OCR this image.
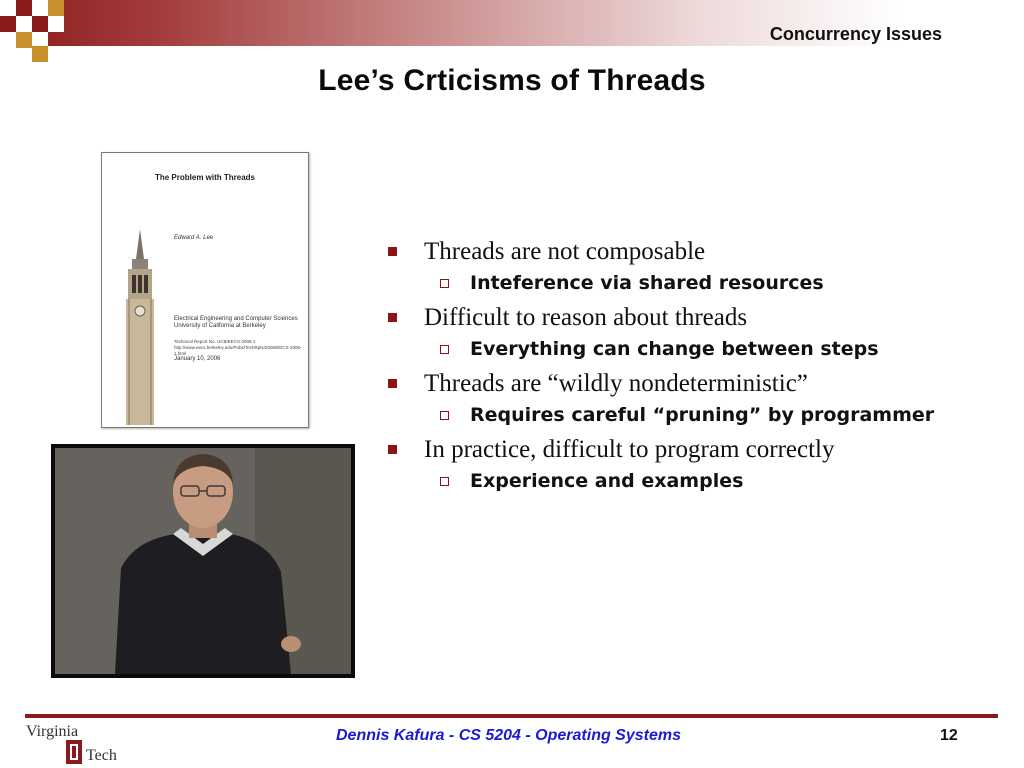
Concurrency Issues
Lee’s Crticisms of Threads
The Problem with Threads
Edward A. Lee
Electrical Engineering and Computer Sciences
University of California at Berkeley
Technical Report No. UCB/EECS-2006-1
http://www.eecs.berkeley.edu/Pubs/TechRpts/2006/EECS-2006-1.html
January 10, 2006
Threads are not composable
Inteference via shared resources
Difficult to reason about threads
Everything can change between steps
Threads are “wildly nondeterministic”
Requires careful “pruning” by programmer
In practice, difficult to program correctly
Experience and examples
Virginia
Tech
Dennis Kafura - CS 5204 - Operating Systems	12
